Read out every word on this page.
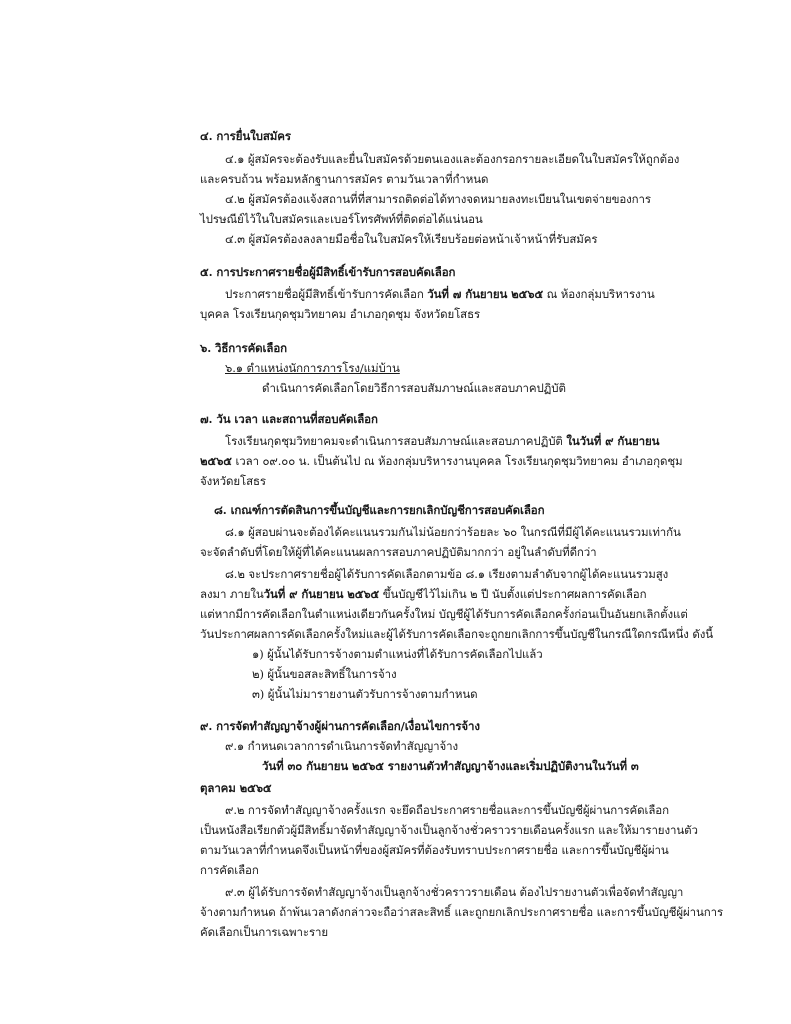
๔. การยื่นใบสมัคร
๔.๑ ผู้สมัครจะต้องรับและยื่นใบสมัครด้วยตนเองและต้องกรอกรายละเอียดในใบสมัครให้ถูกต้อง
และครบถ้วน พร้อมหลักฐานการสมัคร ตามวันเวลาที่กำหนด
๔.๒ ผู้สมัครต้องแจ้งสถานที่ที่สามารถติดต่อได้ทางจดหมายลงทะเบียนในเขตจ่ายของการ
ไปรษณีย์ไว้ในใบสมัครและเบอร์โทรศัพท์ที่ติดต่อได้แน่นอน
๔.๓ ผู้สมัครต้องลงลายมือชื่อในใบสมัครให้เรียบร้อยต่อหน้าเจ้าหน้าที่รับสมัคร
๕. การประกาศรายชื่อผู้มีสิทธิ์เข้ารับการสอบคัดเลือก
ประกาศรายชื่อผู้มีสิทธิ์เข้ารับการคัดเลือก วันที่ ๗ กันยายน ๒๕๖๕ ณ ห้องกลุ่มบริหารงาน
บุคคล โรงเรียนกุดชุมวิทยาคม อำเภอกุดชุม จังหวัดยโสธร
๖. วิธีการคัดเลือก
๖.๑ ตำแหน่งนักการภารโรง/แม่บ้าน
ดำเนินการคัดเลือกโดยวิธีการสอบสัมภาษณ์และสอบภาคปฏิบัติ
๗. วัน เวลา และสถานที่สอบคัดเลือก
โรงเรียนกุดชุมวิทยาคมจะดำเนินการสอบสัมภาษณ์และสอบภาคปฏิบัติ ในวันที่ ๙ กันยายน
๒๕๖๕ เวลา ๐๙.๐๐ น. เป็นต้นไป ณ ห้องกลุ่มบริหารงานบุคคล โรงเรียนกุดชุมวิทยาคม อำเภอกุดชุม
จังหวัดยโสธร
๘. เกณฑ์การตัดสินการขึ้นบัญชีและการยกเลิกบัญชีการสอบคัดเลือก
๘.๑ ผู้สอบผ่านจะต้องได้คะแนนรวมกันไม่น้อยกว่าร้อยละ ๖๐ ในกรณีที่มีผู้ได้คะแนนรวมเท่ากัน
จะจัดลำดับที่โดยให้ผู้ที่ได้คะแนนผลการสอบภาคปฏิบัติมากกว่า อยู่ในลำดับที่ดีกว่า
๘.๒ จะประกาศรายชื่อผู้ได้รับการคัดเลือกตามข้อ ๘.๑ เรียงตามลำดับจากผู้ได้คะแนนรวมสูง
ลงมา ภายในวันที่ ๙ กันยายน ๒๕๖๕ ขึ้นบัญชีไว้ไม่เกิน ๒ ปี นับตั้งแต่ประกาศผลการคัดเลือก
แต่หากมีการคัดเลือกในตำแหน่งเดียวกันครั้งใหม่ บัญชีผู้ได้รับการคัดเลือกครั้งก่อนเป็นอันยกเลิกตั้งแต่
วันประกาศผลการคัดเลือกครั้งใหม่และผู้ได้รับการคัดเลือกจะถูกยกเลิกการขึ้นบัญชีในกรณีใดกรณีหนึ่ง ดังนี้
๑) ผู้นั้นได้รับการจ้างตามตำแหน่งที่ได้รับการคัดเลือกไปแล้ว
๒) ผู้นั้นขอสละสิทธิ์ในการจ้าง
๓) ผู้นั้นไม่มารายงานตัวรับการจ้างตามกำหนด
๙. การจัดทำสัญญาจ้างผู้ผ่านการคัดเลือก/เงื่อนไขการจ้าง
๙.๑ กำหนดเวลาการดำเนินการจัดทำสัญญาจ้าง
วันที่ ๓๐ กันยายน ๒๕๖๕ รายงานตัวทำสัญญาจ้างและเริ่มปฏิบัติงานในวันที่ ๓
ตุลาคม ๒๕๖๕
๙.๒ การจัดทำสัญญาจ้างครั้งแรก จะยึดถือประกาศรายชื่อและการขึ้นบัญชีผู้ผ่านการคัดเลือก
เป็นหนังสือเรียกตัวผู้มีสิทธิ์มาจัดทำสัญญาจ้างเป็นลูกจ้างชั่วคราวรายเดือนครั้งแรก และให้มารายงานตัว
ตามวันเวลาที่กำหนดจึงเป็นหน้าที่ของผู้สมัครที่ต้องรับทราบประกาศรายชื่อ และการขึ้นบัญชีผู้ผ่าน
การคัดเลือก
๙.๓ ผู้ได้รับการจัดทำสัญญาจ้างเป็นลูกจ้างชั่วคราวรายเดือน ต้องไปรายงานตัวเพื่อจัดทำสัญญา
จ้างตามกำหนด ถ้าพ้นเวลาดังกล่าวจะถือว่าสละสิทธิ์ และถูกยกเลิกประกาศรายชื่อ และการขึ้นบัญชีผู้ผ่านการ
คัดเลือกเป็นการเฉพาะราย
